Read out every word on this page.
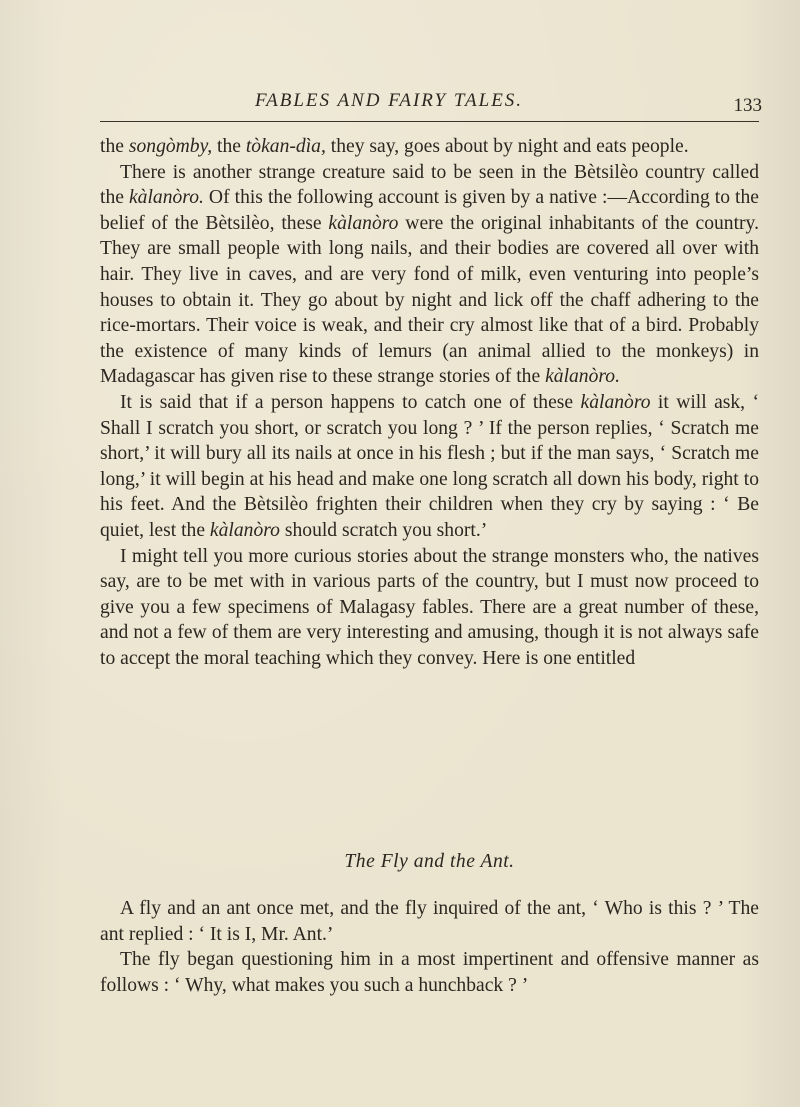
FABLES AND FAIRY TALES.	133

the songòmby, the tòkan-dìa, they say, goes about by night and eats people.

There is another strange creature said to be seen in the Bètsilèo country called the kàlanòro. Of this the following account is given by a native :—According to the belief of the Bètsilèo, these kàlanòro were the original inhabitants of the country. They are small people with long nails, and their bodies are covered all over with hair. They live in caves, and are very fond of milk, even venturing into people’s houses to obtain it. They go about by night and lick off the chaff adhering to the rice-mortars. Their voice is weak, and their cry almost like that of a bird. Probably the existence of many kinds of lemurs (an animal allied to the monkeys) in Madagascar has given rise to these strange stories of the kàlanòro.

It is said that if a person happens to catch one of these kàlanòro it will ask, ‘ Shall I scratch you short, or scratch you long ? ’ If the person replies, ‘ Scratch me short,’ it will bury all its nails at once in his flesh ; but if the man says, ‘ Scratch me long,’ it will begin at his head and make one long scratch all down his body, right to his feet. And the Bètsilèo frighten their children when they cry by saying : ‘ Be quiet, lest the kàlanòro should scratch you short.’

I might tell you more curious stories about the strange monsters who, the natives say, are to be met with in various parts of the country, but I must now proceed to give you a few specimens of Malagasy fables. There are a great number of these, and not a few of them are very interesting and amusing, though it is not always safe to accept the moral teaching which they convey. Here is one entitled

The Fly and the Ant.

A fly and an ant once met, and the fly inquired of the ant, ‘ Who is this ? ’ The ant replied : ‘ It is I, Mr. Ant.’

The fly began questioning him in a most impertinent and offensive manner as follows : ‘ Why, what makes you such a hunchback ? ’
